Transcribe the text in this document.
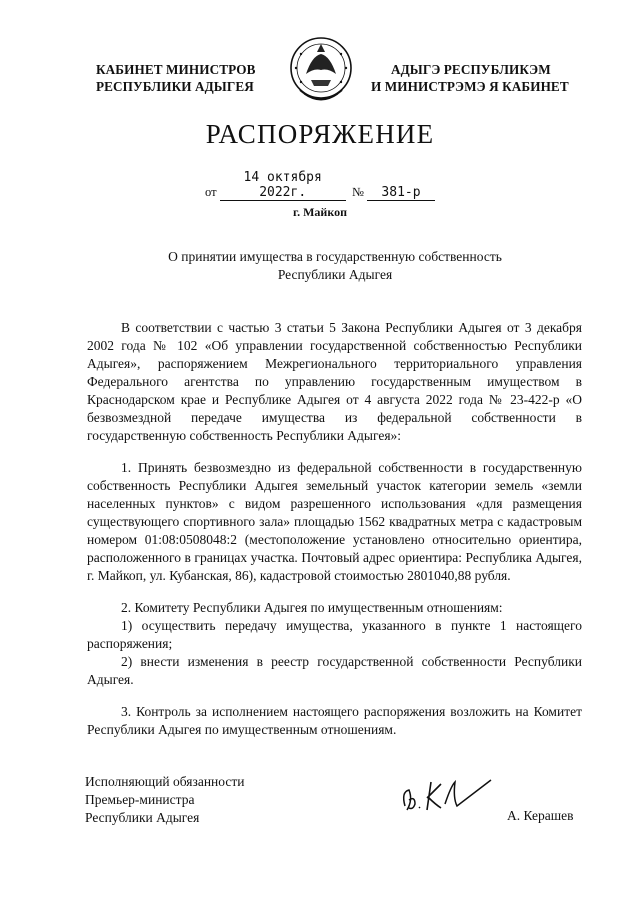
КАБИНЕТ МИНИСТРОВ
РЕСПУБЛИКИ АДЫГЕЯ
АДЫГЭ РЕСПУБЛИКЭМ
И МИНИСТРЭМЭ Я КАБИНЕТ
РАСПОРЯЖЕНИЕ
от 14 октября 2022г.	№ 381-р
г. Майкоп
О принятии имущества в государственную собственность
Республики Адыгея

В соответствии с частью 3 статьи 5 Закона Республики Адыгея от 3 декабря 2002 года № 102 «Об управлении государственной собственностью Республики Адыгея», распоряжением Межрегионального территориального управления Федерального агентства по управлению государственным имуществом в Краснодарском крае и Республике Адыгея от 4 августа 2022 года № 23-422-р «О безвозмездной передаче имущества из федеральной собственности в государственную собственность Республики Адыгея»:

1. Принять безвозмездно из федеральной собственности в государственную собственность Республики Адыгея земельный участок категории земель «земли населенных пунктов» с видом разрешенного использования «для размещения существующего спортивного зала» площадью 1562 квадратных метра с кадастровым номером 01:08:0508048:2 (местоположение установлено относительно ориентира, расположенного в границах участка. Почтовый адрес ориентира: Республика Адыгея, г. Майкоп, ул. Кубанская, 86), кадастровой стоимостью 2801040,88 рубля.

2. Комитету Республики Адыгея по имущественным отношениям:

1) осуществить передачу имущества, указанного в пункте 1 настоящего распоряжения;

2) внести изменения в реестр государственной собственности Республики Адыгея.

3. Контроль за исполнением настоящего распоряжения возложить на Комитет Республики Адыгея по имущественным отношениям.

Исполняющий обязанности
Премьер-министра
Республики Адыгея	А. Керашев
